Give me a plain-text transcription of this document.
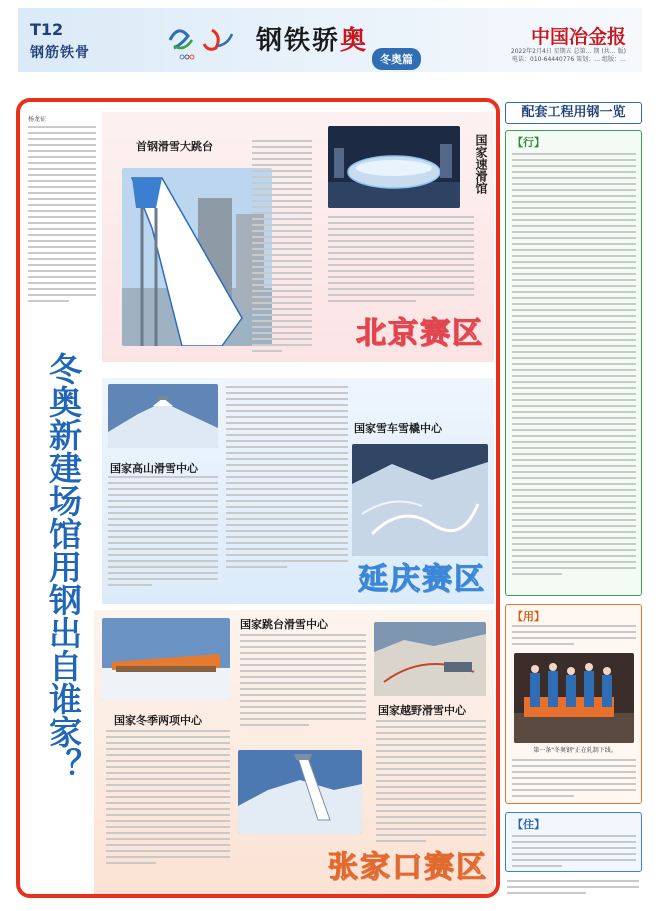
T12
钢筋铁骨	钢铁骄奥
冬奥篇
中国冶金报
2022年2月4日 星期五 总第… 期 (共… 版)
电话：010-64440776 策划：… 组版：…
杨龙征
冬奥新建场馆用钢出自谁家？
首钢滑雪大跳台	国家速滑馆
北京赛区
国家高山滑雪中心
国家雪车雪橇中心
延庆赛区
国家冬季两项中心
国家跳台滑雪中心
国家越野滑雪中心
张家口赛区
配套工程用钢一览
【行】
【用】
第一条"冬奥钢"正在轧制下线。
【住】
